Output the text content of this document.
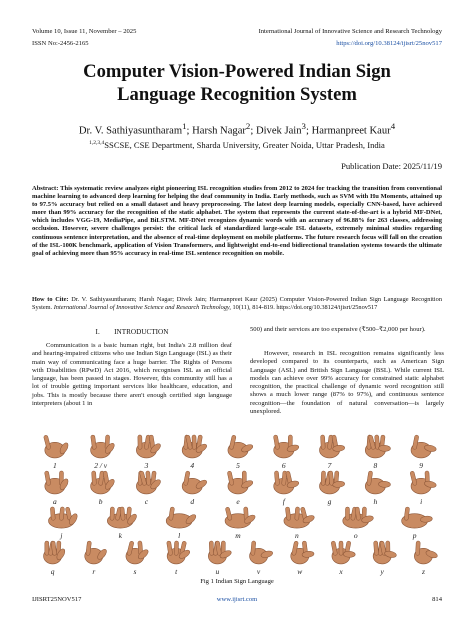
Volume 10, Issue 11, November – 2025	International Journal of Innovative Science and Research Technology
ISSN No:-2456-2165	https://doi.org/10.38124/ijisrt/25nov517
Computer Vision-Powered Indian Sign
Language Recognition System
Dr. V. Sathiyasuntharam$^1$; Harsh Nagar$^2$; Divek Jain$^3$; Harmanpreet Kaur$^4$
$^{1,2,3,4}$SSCSE, CSE Department, Sharda University, Greater Noida, Uttar Pradesh, India
Publication Date: 2025/11/19
Abstract: This systematic review analyzes eight pioneering ISL recognition studies from 2012 to 2024 for tracking the transition from conventional machine learning to advanced deep learning for helping the deaf community in India. Early methods, such as SVM with Hu Moments, attained up to 97.5% accuracy but relied on a small dataset and heavy preprocessing. The latest deep learning models, especially CNN-based, have achieved more than 99% accuracy for the recognition of the static alphabet. The system that represents the current state-of-the-art is a hybrid MF-DNet, which includes VGG-19, MediaPipe, and BiLSTM. MF-DNet recognizes dynamic words with an accuracy of 96.88% for 263 classes, addressing occlusion. However, severe challenges persist: the critical lack of standardized large-scale ISL datasets, extremely minimal studies regarding continuous sentence interpretation, and the absence of real-time deployment on mobile platforms. The future research focus will fall on the creation of the ISL-100K benchmark, application of Vision Transformers, and lightweight end-to-end bidirectional translation systems towards the ultimate goal of achieving more than 95% accuracy in real-time ISL sentence recognition on mobile.
How to Cite: Dr. V. Sathiyasuntharam; Harsh Nagar; Divek Jain; Harmanpreet Kaur (2025) Computer Vision-Powered Indian Sign Language Recognition System. International Journal of Innovative Science and Research Technology, 10(11), 814-819. https://doi.org/10.38124/ijisrt/25nov517
I. INTRODUCTION
Communication is a basic human right, but India's 2.8 million deaf and hearing-impaired citizens who use Indian Sign Language (ISL) as their main way of communicating face a huge barrier. The Rights of Persons with Disabilities (RPwD) Act 2016, which recognises ISL as an official language, has been passed in stages. However, this community still has a lot of trouble getting important services like healthcare, education, and jobs. This is mostly because there aren't enough certified sign language interpreters (about 1 in
500) and their services are too expensive (₹500–₹2,000 per hour).
However, research in ISL recognition remains significantly less developed compared to its counterparts, such as American Sign Language (ASL) and British Sign Language (BSL). While current ISL models can achieve over 99% accuracy for constrained static alphabet recognition, the practical challenge of dynamic word recognition still shows a much lower range (87% to 97%), and continuous sentence recognition—the foundation of natural conversation—is largely unexplored.
1	2 / v	3	4	5	6	7	8	9
a	b	c	d	e	f	g	h	i
j	k	l	m	n	o	p
q	r	s	t	u	v	w	x	y	z
Fig 1 Indian Sign Language
IJISRT25NOV517	www.ijisrt.com	814
